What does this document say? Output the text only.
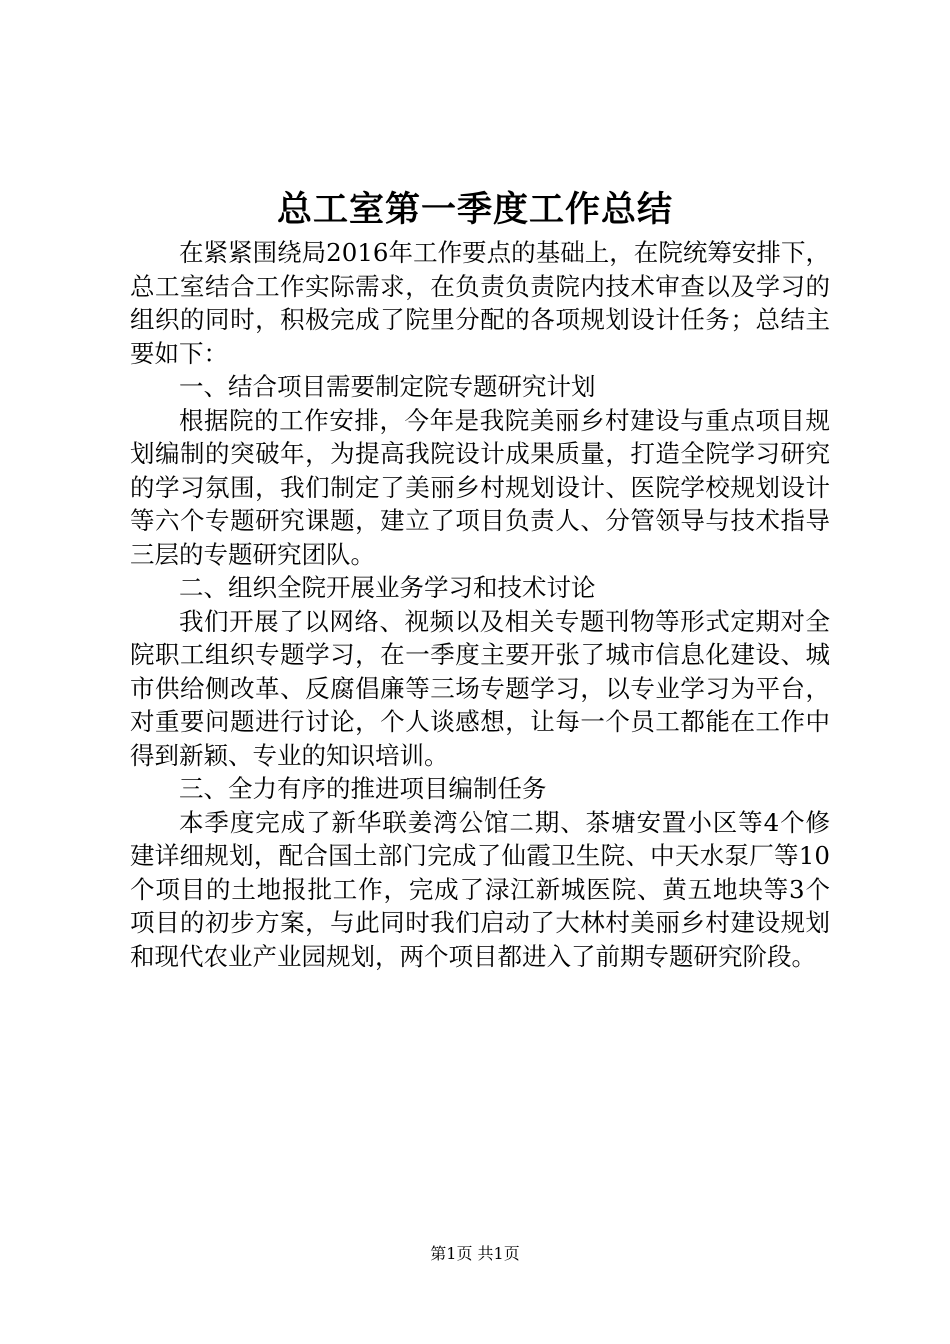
总工室第一季度工作总结

在紧紧围绕局2016年工作要点的基础上，在院统筹安排下，总工室结合工作实际需求，在负责负责院内技术审查以及学习的组织的同时，积极完成了院里分配的各项规划设计任务；总结主要如下：

一、结合项目需要制定院专题研究计划

根据院的工作安排，今年是我院美丽乡村建设与重点项目规划编制的突破年，为提高我院设计成果质量，打造全院学习研究的学习氛围，我们制定了美丽乡村规划设计、医院学校规划设计等六个专题研究课题，建立了项目负责人、分管领导与技术指导三层的专题研究团队。

二、组织全院开展业务学习和技术讨论

我们开展了以网络、视频以及相关专题刊物等形式定期对全院职工组织专题学习，在一季度主要开张了城市信息化建设、城市供给侧改革、反腐倡廉等三场专题学习，以专业学习为平台，对重要问题进行讨论，个人谈感想，让每一个员工都能在工作中得到新颖、专业的知识培训。

三、全力有序的推进项目编制任务

本季度完成了新华联姜湾公馆二期、茶塘安置小区等4个修建详细规划，配合国土部门完成了仙霞卫生院、中天水泵厂等10个项目的土地报批工作，完成了渌江新城医院、黄五地块等3个项目的初步方案，与此同时我们启动了大林村美丽乡村建设规划和现代农业产业园规划，两个项目都进入了前期专题研究阶段。

第1页 共1页
